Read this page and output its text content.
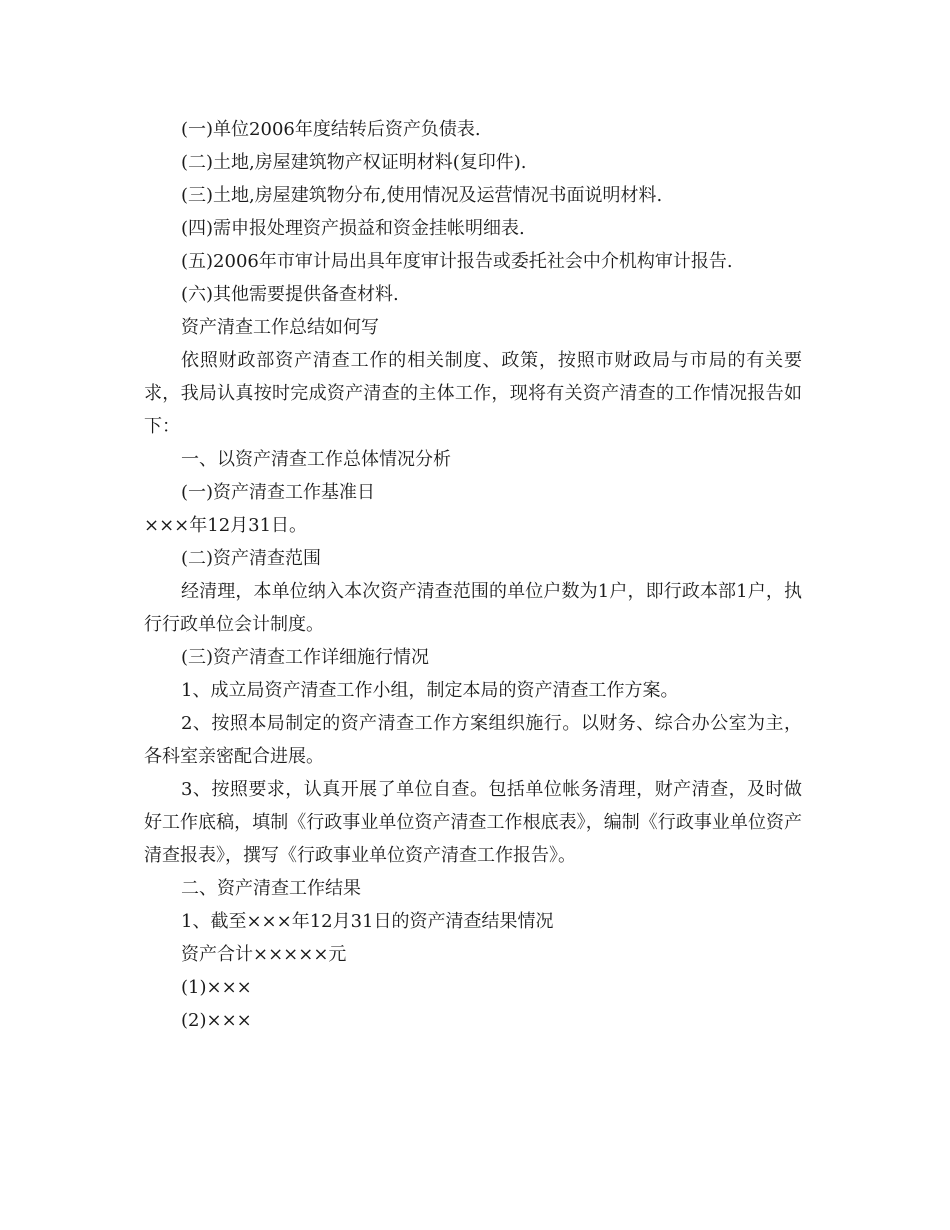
(一)单位2006年度结转后资产负债表.

(二)土地,房屋建筑物产权证明材料(复印件).

(三)土地,房屋建筑物分布,使用情况及运营情况书面说明材料.

(四)需申报处理资产损益和资金挂帐明细表.

(五)2006年市审计局出具年度审计报告或委托社会中介机构审计报告.

(六)其他需要提供备查材料.

资产清查工作总结如何写

依照财政部资产清查工作的相关制度、政策，按照市财政局与市局的有关要求，我局认真按时完成资产清查的主体工作，现将有关资产清查的工作情况报告如下：

一、以资产清查工作总体情况分析

(一)资产清查工作基准日

×××年12月31日。

(二)资产清查范围

经清理，本单位纳入本次资产清查范围的单位户数为1户，即行政本部1户，执行行政单位会计制度。

(三)资产清查工作详细施行情况

1、成立局资产清查工作小组，制定本局的资产清查工作方案。

2、按照本局制定的资产清查工作方案组织施行。以财务、综合办公室为主，各科室亲密配合进展。

3、按照要求，认真开展了单位自查。包括单位帐务清理，财产清查，及时做好工作底稿，填制《行政事业单位资产清查工作根底表》，编制《行政事业单位资产清查报表》，撰写《行政事业单位资产清查工作报告》。

二、资产清查工作结果

1、截至×××年12月31日的资产清查结果情况

资产合计×××××元

(1)×××

(2)×××
